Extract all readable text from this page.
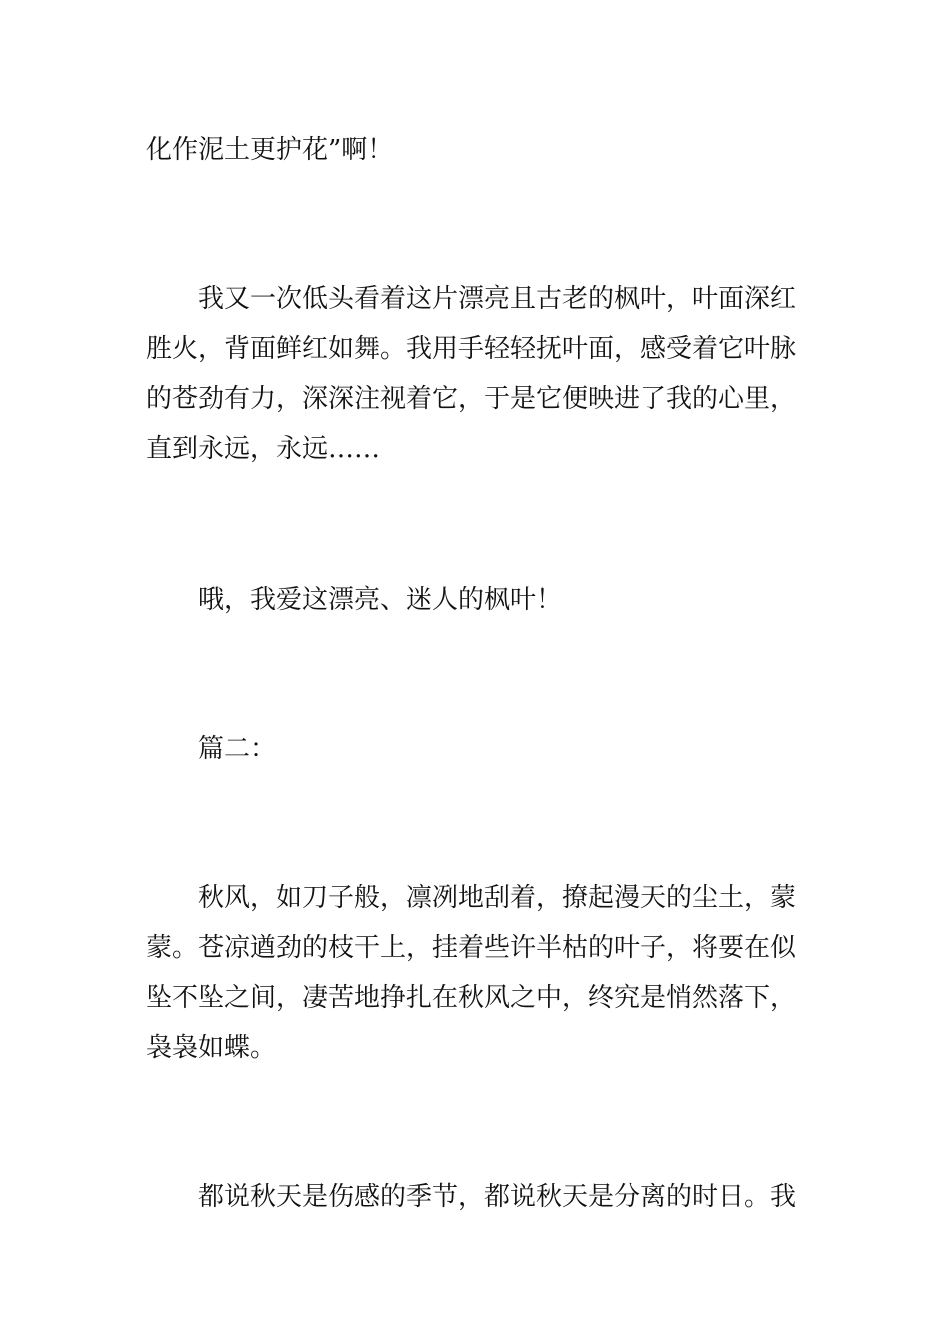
化作泥土更护花”啊！
我又一次低头看着这片漂亮且古老的枫叶，叶面深红
胜火，背面鲜红如舞。我用手轻轻抚叶面，感受着它叶脉
的苍劲有力，深深注视着它，于是它便映进了我的心里，
直到永远，永远……
哦，我爱这漂亮、迷人的枫叶！
篇二：
秋风，如刀子般，凛冽地刮着，撩起漫天的尘土，蒙
蒙。苍凉遒劲的枝干上，挂着些许半枯的叶子，将要在似
坠不坠之间，凄苦地挣扎在秋风之中，终究是悄然落下，
袅袅如蝶。
都说秋天是伤感的季节，都说秋天是分离的时日。我
